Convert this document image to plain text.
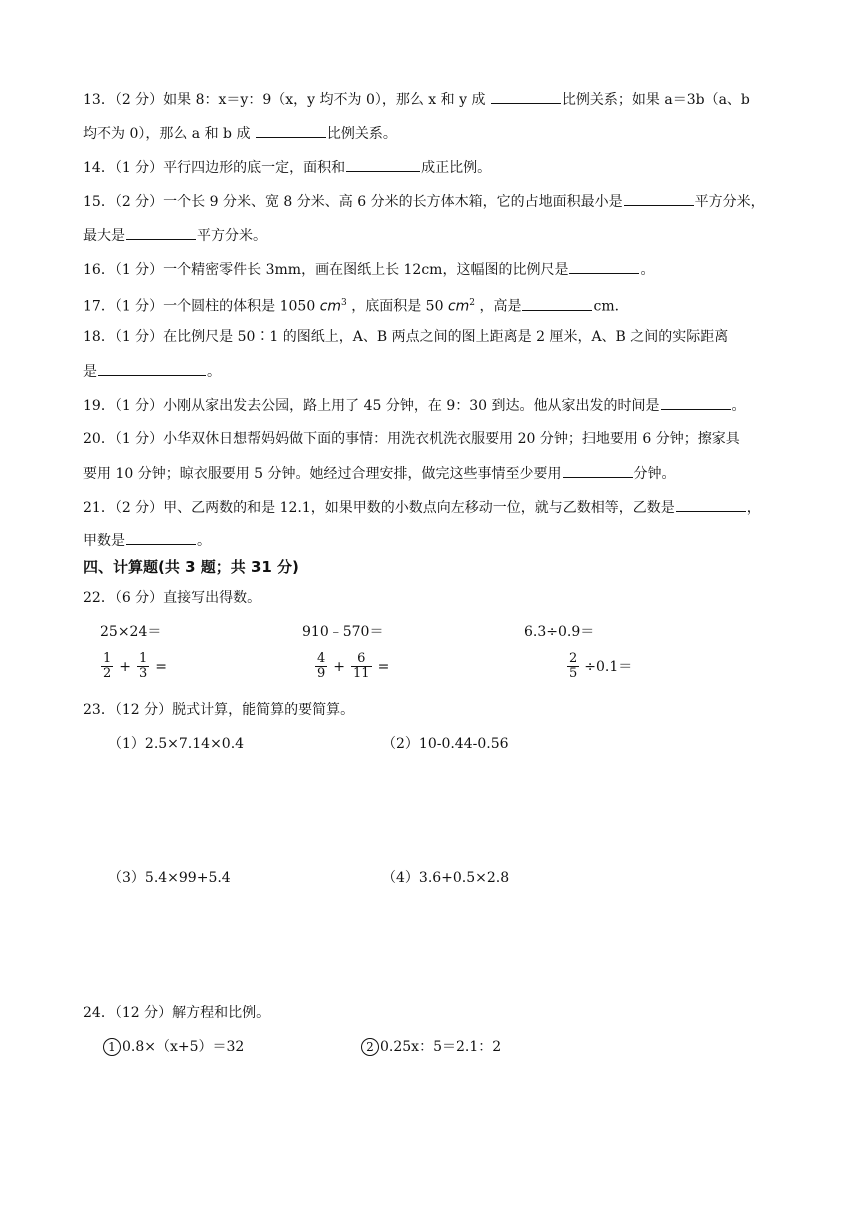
13．（2 分）如果 8：x＝y：9（x，y 均不为 0），那么 x 和 y 成	比例关系；如果 a＝3b（a、b
均不为 0），那么 a 和 b 成	比例关系。
14．（1 分）平行四边形的底一定，面积和	成正比例。
15．（2 分）一个长 9 分米、宽 8 分米、高 6 分米的长方体木箱，它的占地面积最小是	平方分米，
最大是	平方分米。
16．（1 分）一个精密零件长 3mm，画在图纸上长 12cm，这幅图的比例尺是	。
17．（1 分）一个圆柱的体积是 1050 $cm^3$ ，底面积是 50 $cm^2$ ，高是	cm．
18．（1 分）在比例尺是 50∶1 的图纸上，A、B 两点之间的图上距离是 2 厘米，A、B 之间的实际距离
是	。
19．（1 分）小刚从家出发去公园，路上用了 45 分钟，在 9：30 到达。他从家出发的时间是	。
20．（1 分）小华双休日想帮妈妈做下面的事情：用洗衣机洗衣服要用 20 分钟；扫地要用 6 分钟；擦家具
要用 10 分钟；晾衣服要用 5 分钟。她经过合理安排，做完这些事情至少要用	分钟。
21．（2 分）甲、乙两数的和是 12.1，如果甲数的小数点向左移动一位，就与乙数相等，乙数是	，
甲数是	。
四、计算题(共 3 题；共 31 分)
22．（6 分）直接写出得数。
25×24＝	910﹣570＝	6.3÷0.9＝
$\frac{1}{2} + \frac{1}{3}$ =	$\frac{4}{9} + \frac{6}{11}$ =	$\frac{2}{5} \div 0.1=$
23．（12 分）脱式计算，能简算的要简算。
（1）2.5×7.14×0.4	（2）10-0.44-0.56
（3）5.4×99+5.4	（4）3.6+0.5×2.8
24．（12 分）解方程和比例。
1 0.8×（x+5）＝32	2 0.25x：5＝2.1：2
